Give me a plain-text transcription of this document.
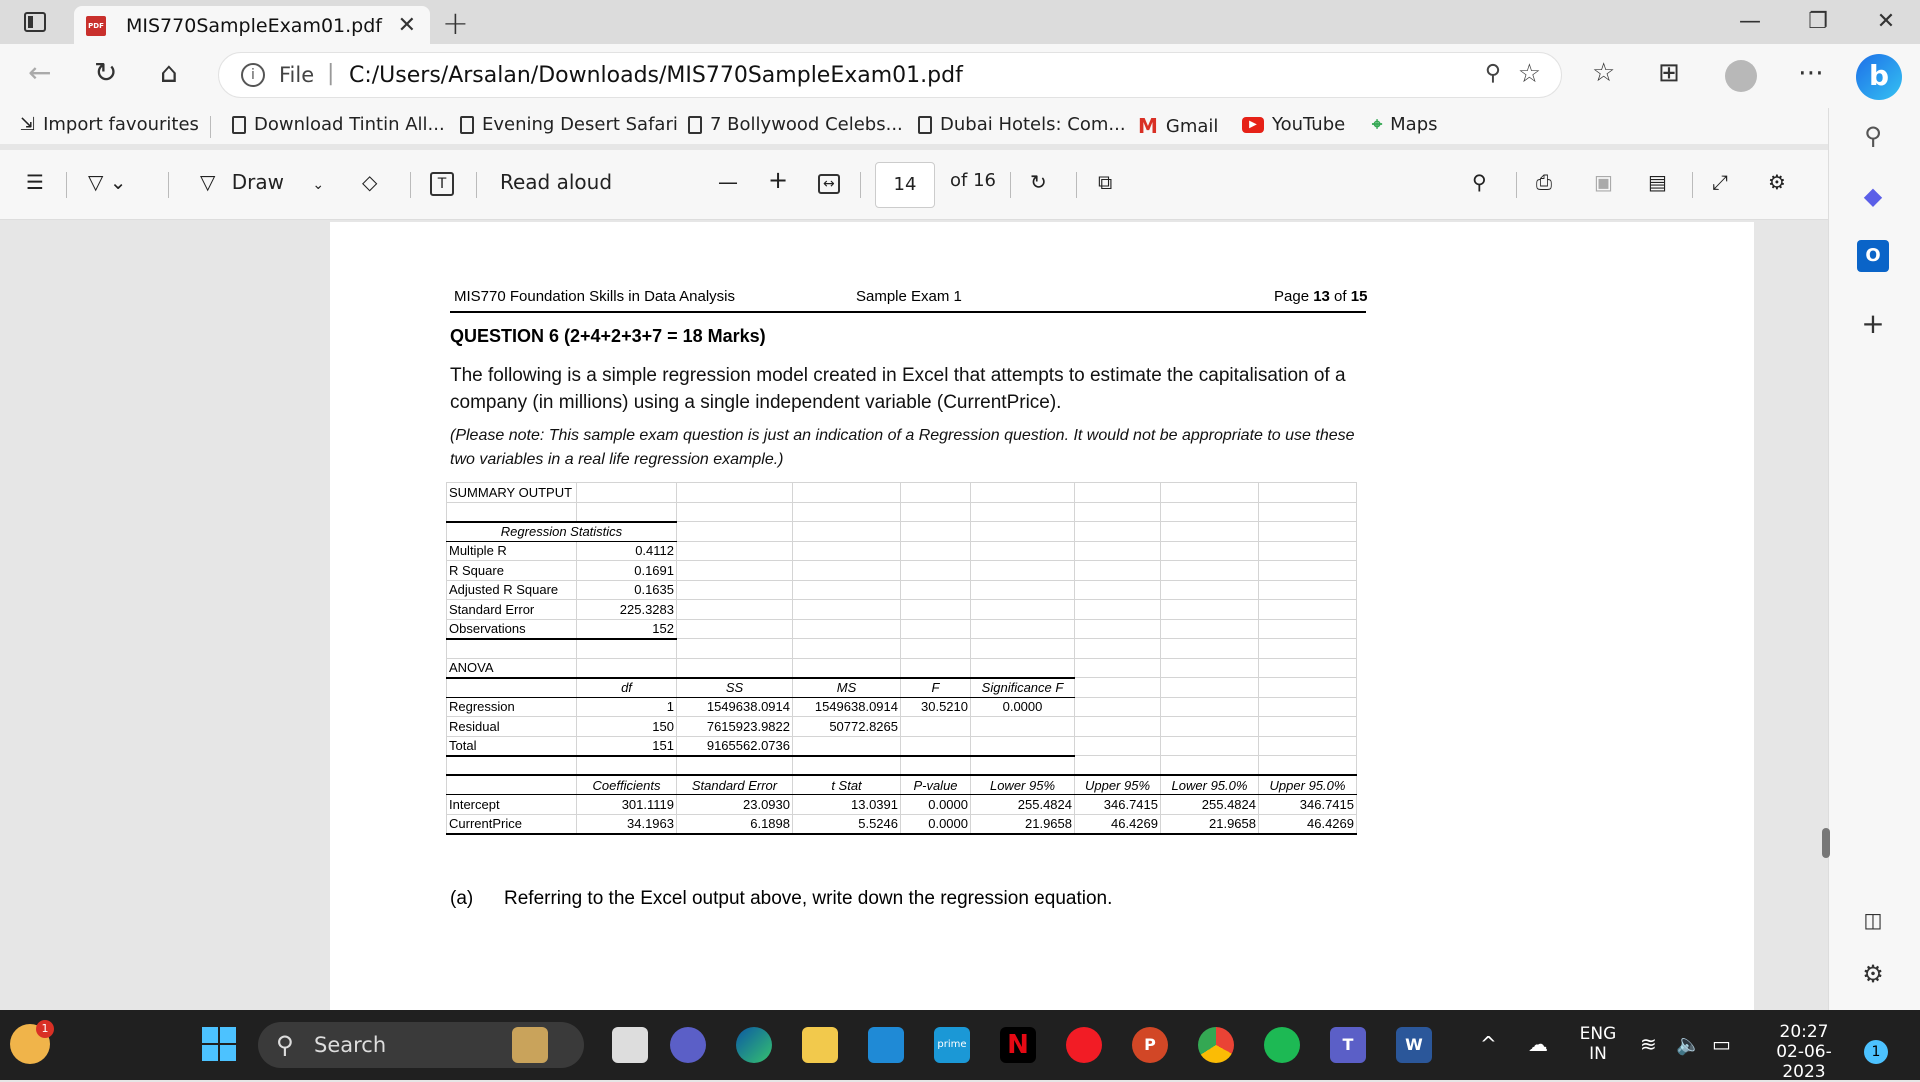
PDF MIS770SampleExam01.pdf ✕ +	—	❐	✕
← ↻ ⌂	i	File | C:/Users/Arsalan/Downloads/MIS770SampleExam01.pdf	⚲ ☆ ☆ ⊞	⋯	b
⇲ Import favourites	Download Tintin All... Evening Desert Safari 7 Bollywood Celebs... Dubai Hotels: Com... M Gmail	▶ YouTube ⌖ Maps
☰ ▽ ⌄	▽ Draw ⌄ ◇	T	Read aloud	— +	↔	14	of 16 ↻	⧉	⚲ ⎙ ▣ ▤ ⤢ ⚙
⚲
◆
O
+
◫
⚙
MIS770 Foundation Skills in Data Analysis	Sample Exam 1	Page 13 of 15
QUESTION 6 (2+4+2+3+7 = 18 Marks)
The following is a simple regression model created in Excel that attempts to estimate the capitalisation of a company (in millions) using a single independent variable (CurrentPrice).
(Please note: This sample exam question is just an indication of a Regression question. It would not be appropriate to use these two variables in a real life regression example.)
SUMMARY OUTPUT								

Regression Statistics								
Multiple R	0.4112							
R Square	0.1691							
Adjusted R Square	0.1635							
Standard Error	225.3283							
Observations	152							

ANOVA								
	df	SS	MS	F	Significance F			
Regression	1	1549638.0914	1549638.0914	30.5210	0.0000			
Residual	150	7615923.9822	50772.8265					
Total	151	9165562.0736						

	Coefficients	Standard Error	t Stat	P-value	Lower 95%	Upper 95%	Lower 95.0%	Upper 95.0%
Intercept	301.1119	23.0930	13.0391	0.0000	255.4824	346.7415	255.4824	346.7415
CurrentPrice	34.1963	6.1898	5.5246	0.0000	21.9658	46.4269	21.9658	46.4269
(a) Referring to the Excel output above, write down the regression equation.
1
⚲ Search	prime N	P	T	W	^ ☁ ENG
IN	≋ 🔈 ▭	20:27
02-06-2023
1
